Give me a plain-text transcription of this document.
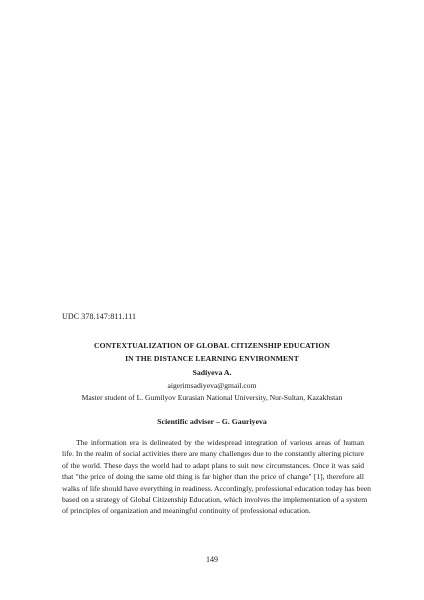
UDC 378.147:811.111
CONTEXTUALIZATION OF GLOBAL CITIZENSHIP EDUCATION
IN THE DISTANCE LEARNING ENVIRONMENT
Sadiyeva A.
aigerimsadiyeva@gmail.com
Master student of L. Gumilyov Eurasian National University, Nur-Sultan, Kazakhstan
Scientific adviser – G. Gauriyeva
The information era is delineated by the widespread integration of various areas of human
life. In the realm of social activities there are many challenges due to the constantly altering picture
of the world. These days the world had to adapt plans to suit new circumstances. Once it was said
that "the price of doing the same old thing is far higher than the price of change" [1], therefore all
walks of life should have everything in readiness. Accordingly, professional education today has been
based on a strategy of Global Citizenship Education, which involves the implementation of a system
of principles of organization and meaningful continuity of professional education.
149
